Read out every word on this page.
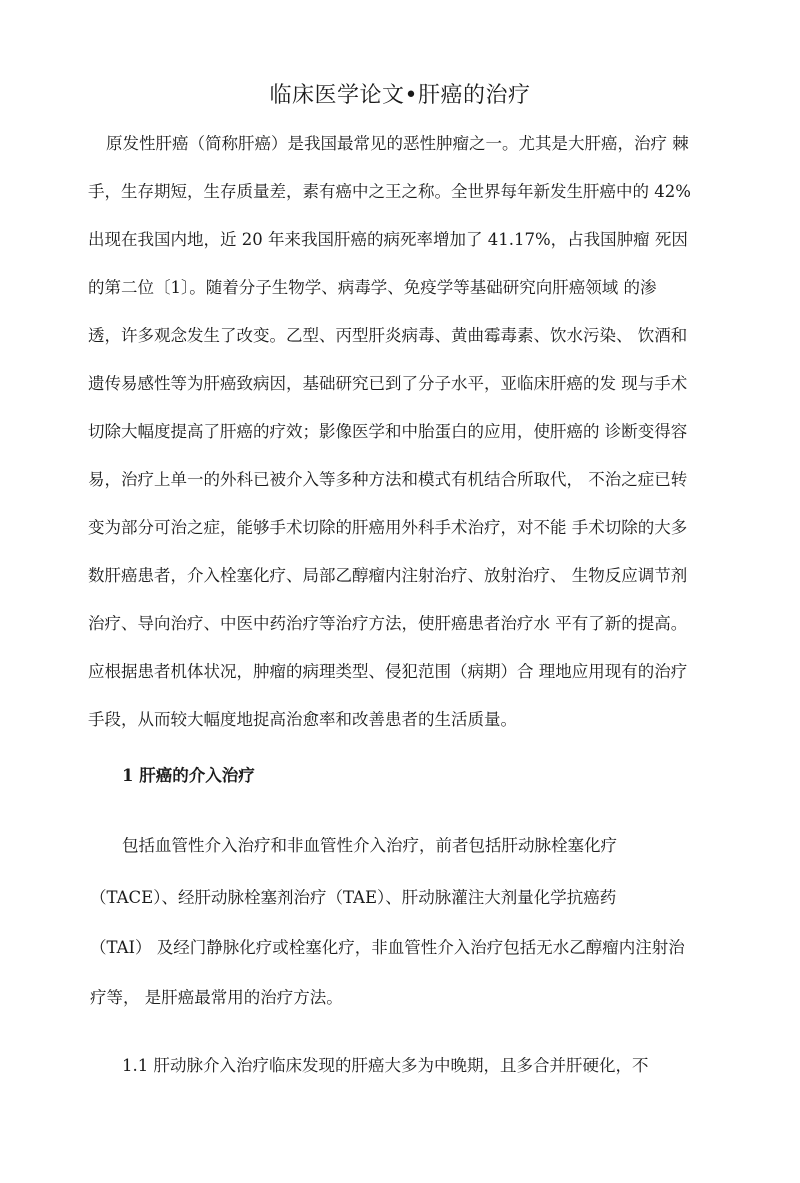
临床医学论文•肝癌的治疗
原发性肝癌（简称肝癌）是我国最常见的恶性肿瘤之一。尤其是大肝癌，治疗 棘
手，生存期短，生存质量差，素有癌中之王之称。全世界每年新发生肝癌中的 42%
出现在我国内地，近 20 年来我国肝癌的病死率增加了 41.17%，占我国肿瘤 死因
的第二位〔1〕。随着分子生物学、病毒学、免疫学等基础研究向肝癌领域 的渗
透，许多观念发生了改变。乙型、丙型肝炎病毒、黄曲霉毒素、饮水污染、 饮酒和
遗传易感性等为肝癌致病因，基础研究已到了分子水平，亚临床肝癌的发 现与手术
切除大幅度提高了肝癌的疗效；影像医学和中胎蛋白的应用，使肝癌的 诊断变得容
易，治疗上单一的外科已被介入等多种方法和模式有机结合所取代， 不治之症已转
变为部分可治之症，能够手术切除的肝癌用外科手术治疗，对不能 手术切除的大多
数肝癌患者，介入栓塞化疗、局部乙醇瘤内注射治疗、放射治疗、 生物反应调节剂
治疗、导向治疗、中医中药治疗等治疗方法，使肝癌患者治疗水 平有了新的提高。
应根据患者机体状况，肿瘤的病理类型、侵犯范围（病期）合 理地应用现有的治疗
手段，从而较大幅度地捉高治愈率和改善患者的生活质量。
1 肝癌的介入治疗
包括血管性介入治疗和非血管性介入治疗，前者包括肝动脉栓塞化疗
（TACE）、经肝动脉栓塞剂治疗（TAE）、肝动脉灌注大剂量化学抗癌药
（TAI） 及经门静脉化疗或栓塞化疗，非血管性介入治疗包括无水乙醇瘤内注射治
疗等， 是肝癌最常用的治疗方法。
1.1 肝动脉介入治疗临床发现的肝癌大多为中晚期，且多合并肝硬化，不
